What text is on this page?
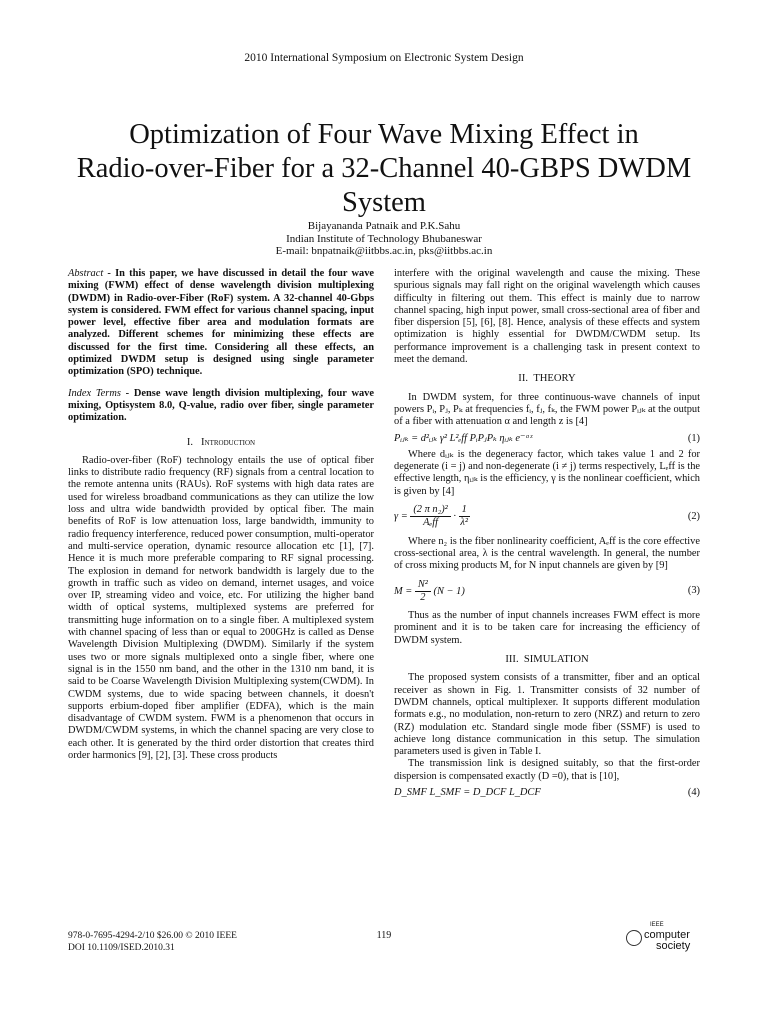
2010 International Symposium on Electronic System Design
Optimization of Four Wave Mixing Effect in
Radio-over-Fiber for a 32-Channel 40-GBPS DWDM
System
Bijayananda Patnaik and P.K.Sahu
Indian Institute of Technology Bhubaneswar
E-mail: bnpatnaik@iitbbs.ac.in, pks@iitbbs.ac.in

Abstract - In this paper, we have discussed in detail the four wave mixing (FWM) effect of dense wavelength division multiplexing (DWDM) in Radio-over-Fiber (RoF) system. A 32-channel 40-Gbps system is considered. FWM effect for various channel spacing, input power level, effective fiber area and modulation formats are analyzed. Different schemes for minimizing these effects are discussed for the first time. Considering all these effects, an optimized DWDM setup is designed using single parameter optimization (SPO) technique.

Index Terms - Dense wave length division multiplexing, four wave mixing, Optisystem 8.0, Q-value, radio over fiber, single parameter optimization.

I. Introduction

Radio-over-fiber (RoF) technology entails the use of optical fiber links to distribute radio frequency (RF) signals from a central location to the remote antenna units (RAUs). RoF systems with high data rates are used for wireless broadband communications as they can utilize the low loss and ultra wide bandwidth provided by optical fiber. The main benefits of RoF is low attenuation loss, large bandwidth, immunity to radio frequency interference, reduced power consumption, multi-operator and multi-service operation, dynamic resource allocation etc [1], [7]. Hence it is much more preferable comparing to RF signal processing. The explosion in demand for network bandwidth is largely due to the growth in traffic such as video on demand, internet usages, and voice over IP, streaming video and voice, etc. For utilizing the higher band width of optical systems, multiplexed systems are preferred for transmitting huge information on to a single fiber. A multiplexed system with channel spacing of less than or equal to 200GHz is called as Dense Wavelength Division Multiplexing (DWDM). Similarly if the system uses two or more signals multiplexed onto a single fiber, where one signal is in the 1550 nm band, and the other in the 1310 nm band, it is said to be Coarse Wavelength Division Multiplexing system(CWDM). In CWDM systems, due to wide spacing between channels, it doesn't supports erbium-doped fiber amplifier (EDFA), which is the main disadvantage of CWDM system. FWM is a phenomenon that occurs in DWDM/CWDM systems, in which the channel spacing are very close to each other. It is generated by the third order distortion that creates third order harmonics [9], [2], [3]. These cross products

interfere with the original wavelength and cause the mixing. These spurious signals may fall right on the original wavelength which causes difficulty in filtering out them. This effect is mainly due to narrow channel spacing, high input power, small cross-sectional area of fiber and fiber dispersion [5], [6], [8]. Hence, analysis of these effects and system optimization is highly essential for DWDM/CWDM setup. Its performance improvement is a challenging task in present context to meet the demand.

II. THEORY

In DWDM system, for three continuous-wave channels of input powers Pᵢ, Pⱼ, Pₖ at frequencies fᵢ, fⱼ, fₖ, the FWM power Pᵢⱼₖ at the output of a fiber with attenuation α and length z is [4]

Pᵢⱼₖ = d²ᵢⱼₖ γ² L²ₑff PᵢPⱼPₖ ηᵢⱼₖ e⁻ᵅᶻ	(1)

Where dᵢⱼₖ is the degeneracy factor, which takes value 1 and 2 for degenerate (i = j) and non-degenerate (i ≠ j) terms respectively, Lₑff is the effective length, ηᵢⱼₖ is the efficiency, γ is the nonlinear coefficient, which is given by [4]

$\gamma = \frac{\text{(2 π n₂)²}}{\text{Aₑff}} \cdot \frac{1}{\text{λ²}}$	(2)

Where n₂ is the fiber nonlinearity coefficient, Aₑff is the core effective cross-sectional area, λ is the central wavelength. In general, the number of cross mixing products M, for N input channels are given by [9]

$M = \frac{\text{N²}}{2} (N - 1)$	(3)

Thus as the number of input channels increases FWM effect is more prominent and it is to be taken care for increasing the efficiency of DWDM system.

III. SIMULATION

The proposed system consists of a transmitter, fiber and an optical receiver as shown in Fig. 1. Transmitter consists of 32 number of DWDM channels, optical multiplexer. It supports different modulation formats e.g., no modulation, non-return to zero (NRZ) and return to zero (RZ) modulation etc. Standard single mode fiber (SSMF) is used to achieve long distance communication in this setup. The simulation parameters used is given in Table I.

The transmission link is designed suitably, so that the first-order dispersion is compensated exactly (D =0), that is [10],

D_SMF L_SMF = D_DCF L_DCF	(4)
978-0-7695-4294-2/10 $26.00 © 2010 IEEE
DOI 10.1109/ISED.2010.31
119
IEEE
computer
society
